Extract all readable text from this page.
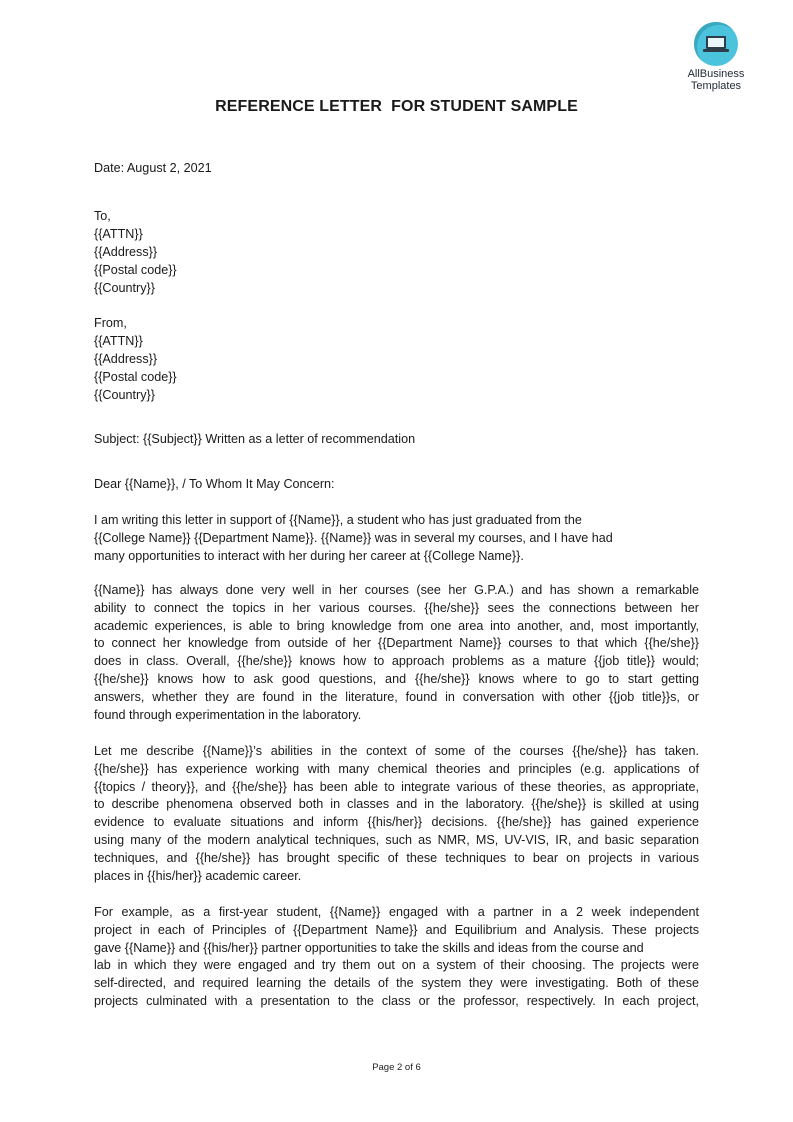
AllBusiness
Templates
REFERENCE LETTER  FOR STUDENT SAMPLE
Date: August 2, 2021
To,
{{ATTN}}
{{Address}}
{{Postal code}}
{{Country}}
From,
{{ATTN}}
{{Address}}
{{Postal code}}
{{Country}}
Subject: {{Subject}} Written as a letter of recommendation
Dear {{Name}}, / To Whom It May Concern:
I am writing this letter in support of {{Name}}, a student who has just graduated from the
{{College Name}} {{Department Name}}. {{Name}} was in several my courses, and I have had
many opportunities to interact with her during her career at {{College Name}}.
{{Name}} has always done very well in her courses (see her G.P.A.) and has shown a remarkable
ability to connect the topics in her various courses. {{he/she}} sees the connections between her
academic experiences, is able to bring knowledge from one area into another, and, most importantly,
to connect her knowledge from outside of her {{Department Name}} courses to that which {{he/she}}
does in class. Overall, {{he/she}} knows how to approach problems as a mature {{job title}} would;
{{he/she}} knows how to ask good questions, and {{he/she}} knows where to go to start getting
answers, whether they are found in the literature, found in conversation with other {{job title}}s, or
found through experimentation in the laboratory.
Let me describe {{Name}}’s abilities in the context of some of the courses {{he/she}} has taken.
{{he/she}} has experience working with many chemical theories and principles (e.g. applications of
{{topics / theory}}, and {{he/she}} has been able to integrate various of these theories, as appropriate,
to describe phenomena observed both in classes and in the laboratory. {{he/she}} is skilled at using
evidence to evaluate situations and inform {{his/her}} decisions. {{he/she}} has gained experience
using many of the modern analytical techniques, such as NMR, MS, UV-VIS, IR, and basic separation
techniques, and {{he/she}} has brought specific of these techniques to bear on projects in various
places in {{his/her}} academic career.
For example, as a first-year student, {{Name}} engaged with a partner in a 2 week independent
project in each of Principles of {{Department Name}} and Equilibrium and Analysis. These projects
gave {{Name}} and {{his/her}} partner opportunities to take the skills and ideas from the course and
lab in which they were engaged and try them out on a system of their choosing. The projects were
self-directed, and required learning the details of the system they were investigating. Both of these
projects culminated with a presentation to the class or the professor, respectively. In each project,
Page 2 of 6
